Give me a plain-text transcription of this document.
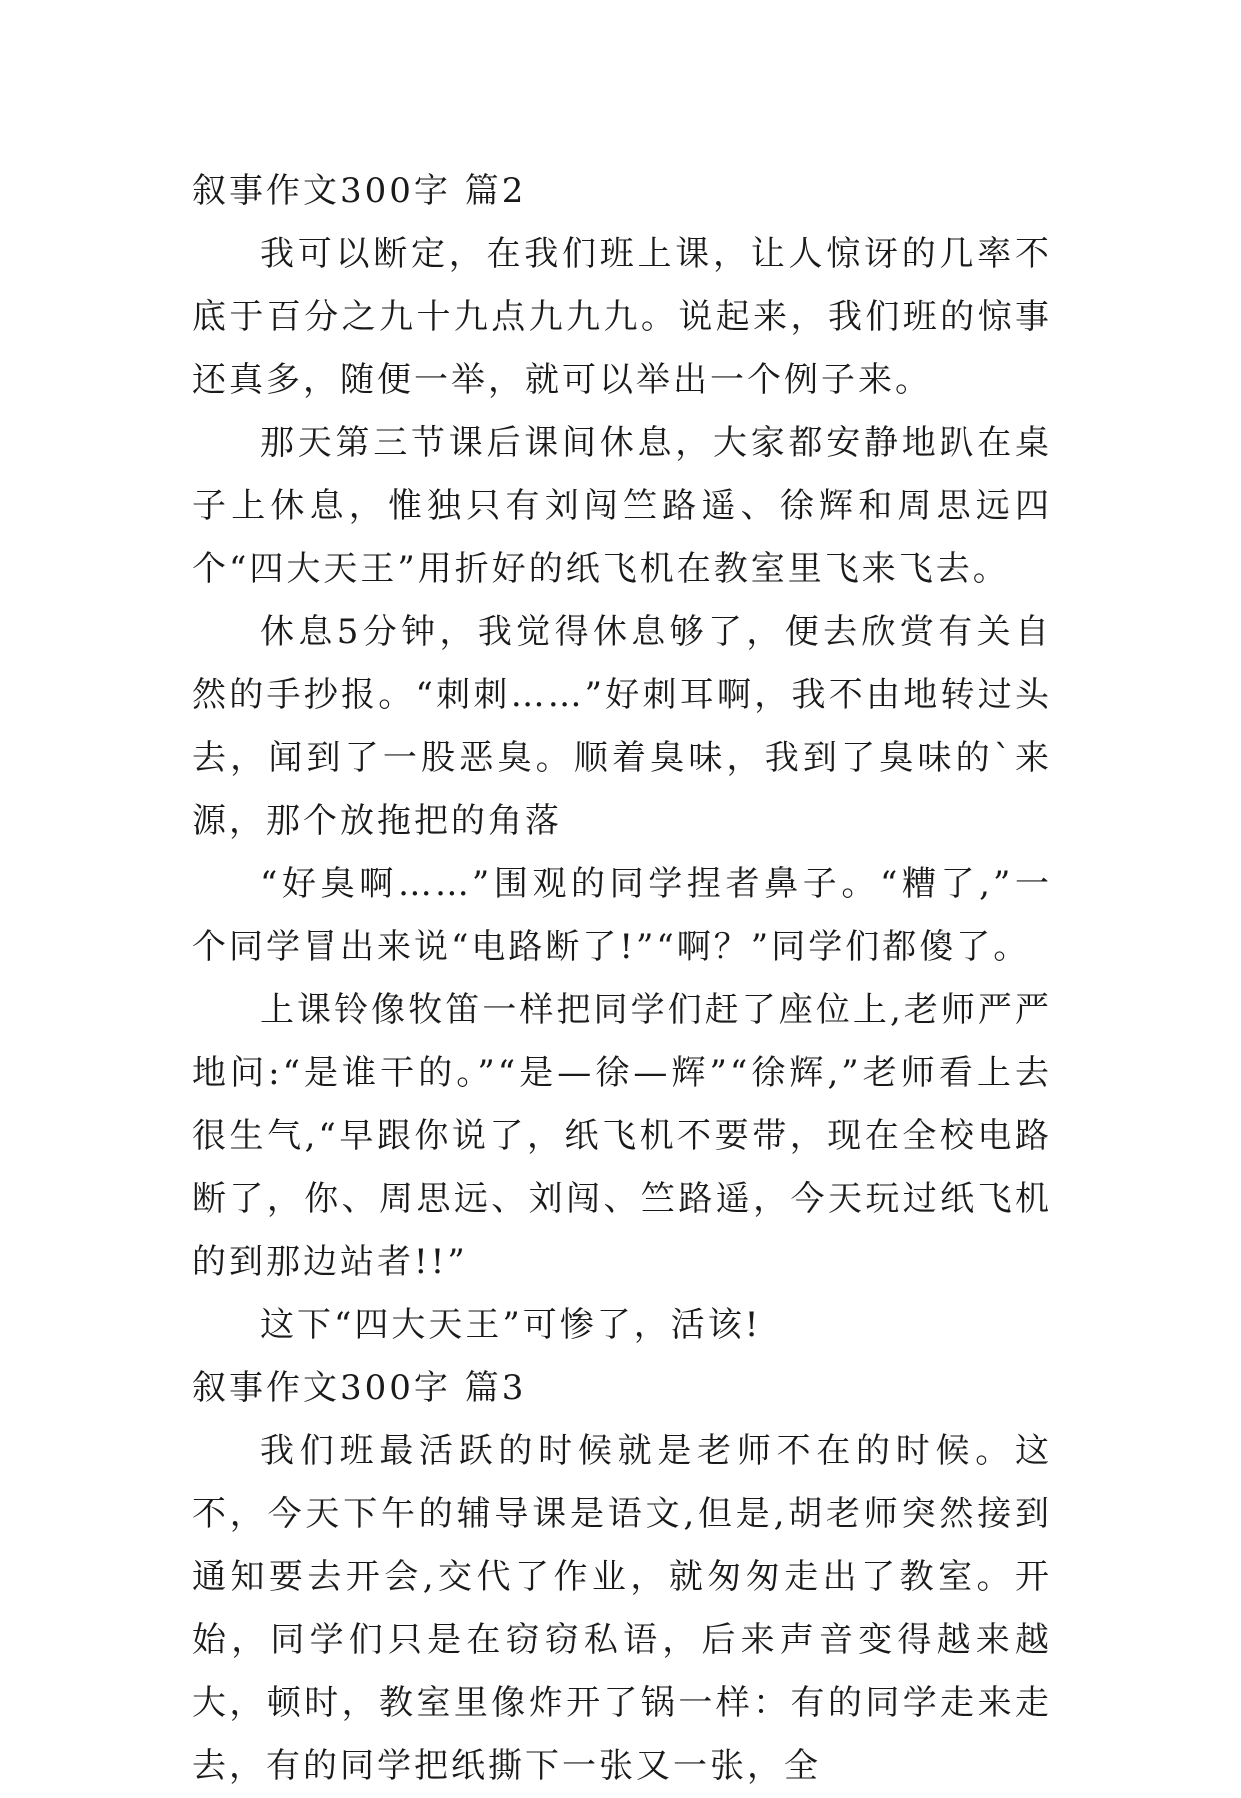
叙事作文300字 篇2

我可以断定，在我们班上课，让人惊讶的几率不底于百分之九十九点九九九。说起来，我们班的惊事还真多，随便一举，就可以举出一个例子来。

那天第三节课后课间休息，大家都安静地趴在桌子上休息，惟独只有刘闯竺路遥、徐辉和周思远四个“四大天王”用折好的纸飞机在教室里飞来飞去。

休息5分钟，我觉得休息够了，便去欣赏有关自然的手抄报。“刺刺……”好刺耳啊，我不由地转过头去，闻到了一股恶臭。顺着臭味，我到了臭味的`来源，那个放拖把的角落

“好臭啊……”围观的同学捏者鼻子。“糟了,”一个同学冒出来说“电路断了!”“啊？”同学们都傻了。

上课铃像牧笛一样把同学们赶了座位上,老师严严地问:“是谁干的。”“是—徐—辉”“徐辉,”老师看上去很生气,“早跟你说了，纸飞机不要带，现在全校电路断了，你、周思远、刘闯、竺路遥，今天玩过纸飞机的到那边站者!!”

这下“四大天王”可惨了，活该!

叙事作文300字 篇3

我们班最活跃的时候就是老师不在的时候。这不，今天下午的辅导课是语文,但是,胡老师突然接到通知要去开会,交代了作业，就匆匆走出了教室。开始，同学们只是在窃窃私语，后来声音变得越来越大，顿时，教室里像炸开了锅一样：有的同学走来走去，有的同学把纸撕下一张又一张，全
